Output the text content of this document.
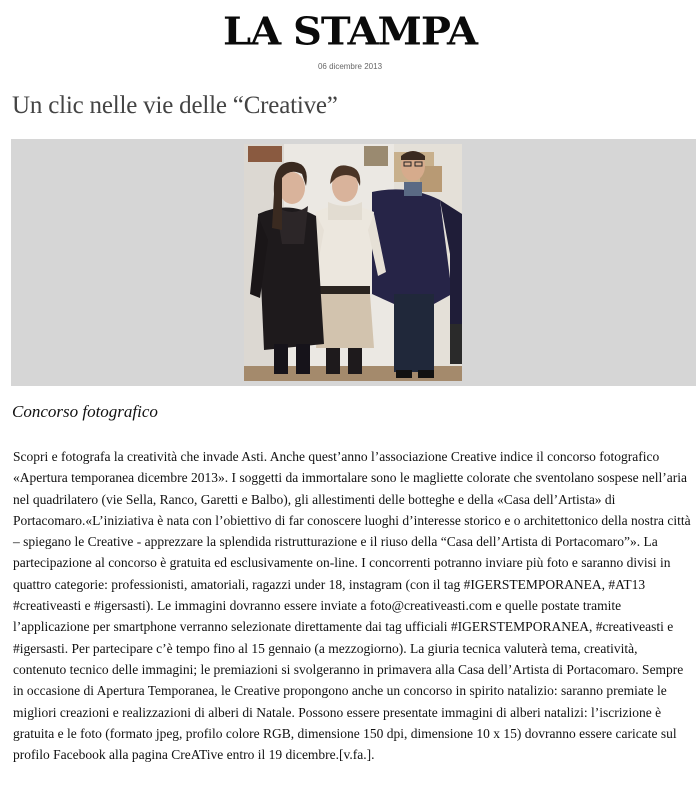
LA STAMPA
06 dicembre 2013
Un clic nelle vie delle “Creative”
Concorso fotografico

Scopri e fotografa la creatività che invade Asti. Anche quest’anno l’associazione Creative indice il concorso fotografico «Apertura temporanea dicembre 2013». I soggetti da immortalare sono le magliette colorate che sventolano sospese nell’aria nel quadrilatero (vie Sella, Ranco, Garetti e Balbo), gli allestimenti delle botteghe e della «Casa dell’Artista» di Portacomaro.«L’iniziativa è nata con l’obiettivo di far conoscere luoghi d’interesse storico e o architettonico della nostra città – spiegano le Creative - apprezzare la splendida ristrutturazione e il riuso della “Casa dell’Artista di Portacomaro”». La partecipazione al concorso è gratuita ed esclusivamente on-line. I concorrenti potranno inviare più foto e saranno divisi in quattro categorie: professionisti, amatoriali, ragazzi under 18, instagram (con il tag #IGERSTEMPORANEA, #AT13 #creativeasti e #igersasti). Le immagini dovranno essere inviate a foto@creativeasti.com e quelle postate tramite l’applicazione per smartphone verranno selezionate direttamente dai tag ufficiali #IGERSTEMPORANEA, #creativeasti e #igersasti. Per partecipare c’è tempo fino al 15 gennaio (a mezzogiorno). La giuria tecnica valuterà tema, creatività, contenuto tecnico delle immagini; le premiazioni si svolgeranno in primavera alla Casa dell’Artista di Portacomaro. Sempre in occasione di Apertura Temporanea, le Creative propongono anche un concorso in spirito natalizio: saranno premiate le migliori creazioni e realizzazioni di alberi di Natale. Possono essere presentate immagini di alberi natalizi: l’iscrizione è gratuita e le foto (formato jpeg, profilo colore RGB, dimensione 150 dpi, dimensione 10 x 15) dovranno essere caricate sul profilo Facebook alla pagina CreATive entro il 19 dicembre.[v.fa.].
